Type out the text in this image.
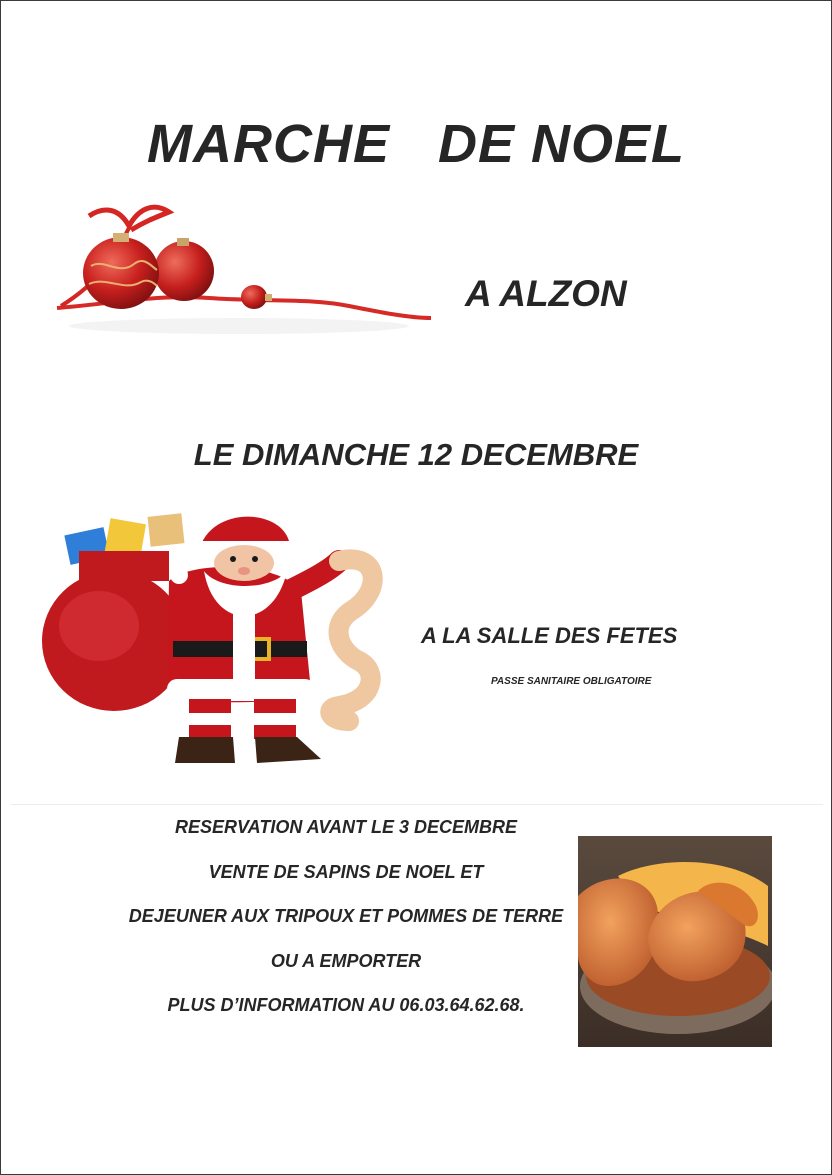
MARCHE DE NOEL
A ALZON
LE DIMANCHE 12 DECEMBRE
A LA SALLE DES FETES
PASSE SANITAIRE OBLIGATOIRE
RESERVATION AVANT LE 3 DECEMBRE
VENTE DE SAPINS DE NOEL ET
DEJEUNER AUX TRIPOUX ET POMMES DE TERRE
OU A EMPORTER
PLUS D’INFORMATION AU 06.03.64.62.68.
